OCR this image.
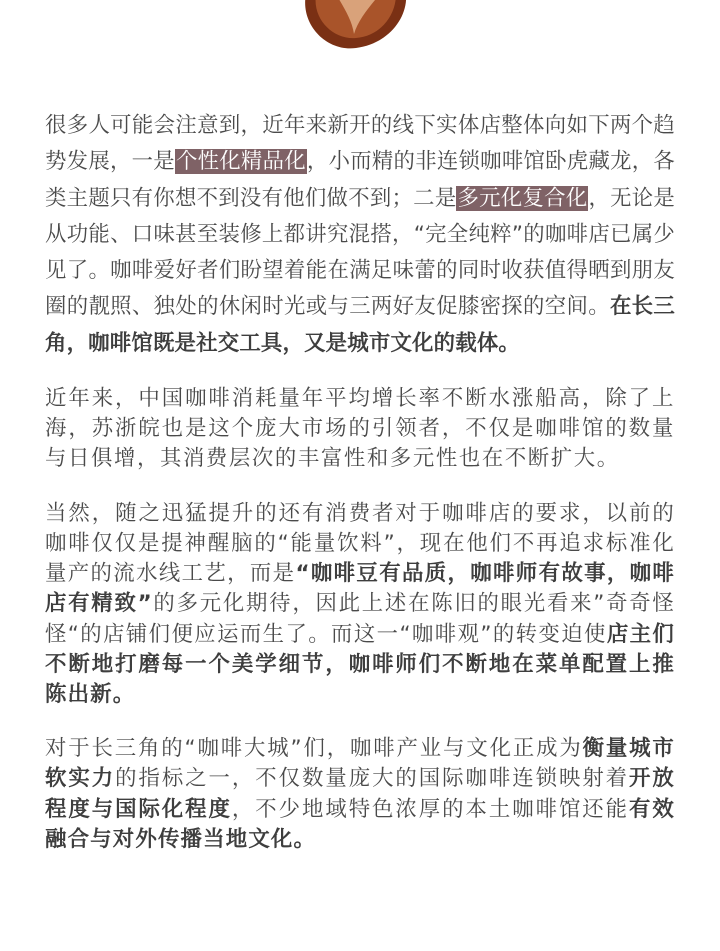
很多人可能会注意到，近年来新开的线下实体店整体向如下两个趋势发展，一是个性化精品化，小而精的非连锁咖啡馆卧虎藏龙，各类主题只有你想不到没有他们做不到；二是多元化复合化，无论是从功能、口味甚至装修上都讲究混搭，“完全纯粹”的咖啡店已属少见了。咖啡爱好者们盼望着能在满足味蕾的同时收获值得晒到朋友圈的靓照、独处的休闲时光或与三两好友促膝密探的空间。在长三角，咖啡馆既是社交工具，又是城市文化的载体。

近年来，中国咖啡消耗量年平均增长率不断水涨船高，除了上海，苏浙皖也是这个庞大市场的引领者，不仅是咖啡馆的数量与日俱增，其消费层次的丰富性和多元性也在不断扩大。

当然，随之迅猛提升的还有消费者对于咖啡店的要求，以前的咖啡仅仅是提神醒脑的“能量饮料”，现在他们不再追求标准化量产的流水线工艺，而是“咖啡豆有品质，咖啡师有故事，咖啡店有精致”的多元化期待，因此上述在陈旧的眼光看来”奇奇怪怪“的店铺们便应运而生了。而这一“咖啡观”的转变迫使店主们不断地打磨每一个美学细节，咖啡师们不断地在菜单配置上推陈出新。

对于长三角的“咖啡大城”们，咖啡产业与文化正成为衡量城市软实力的指标之一，不仅数量庞大的国际咖啡连锁映射着开放程度与国际化程度，不少地域特色浓厚的本土咖啡馆还能有效融合与对外传播当地文化。
